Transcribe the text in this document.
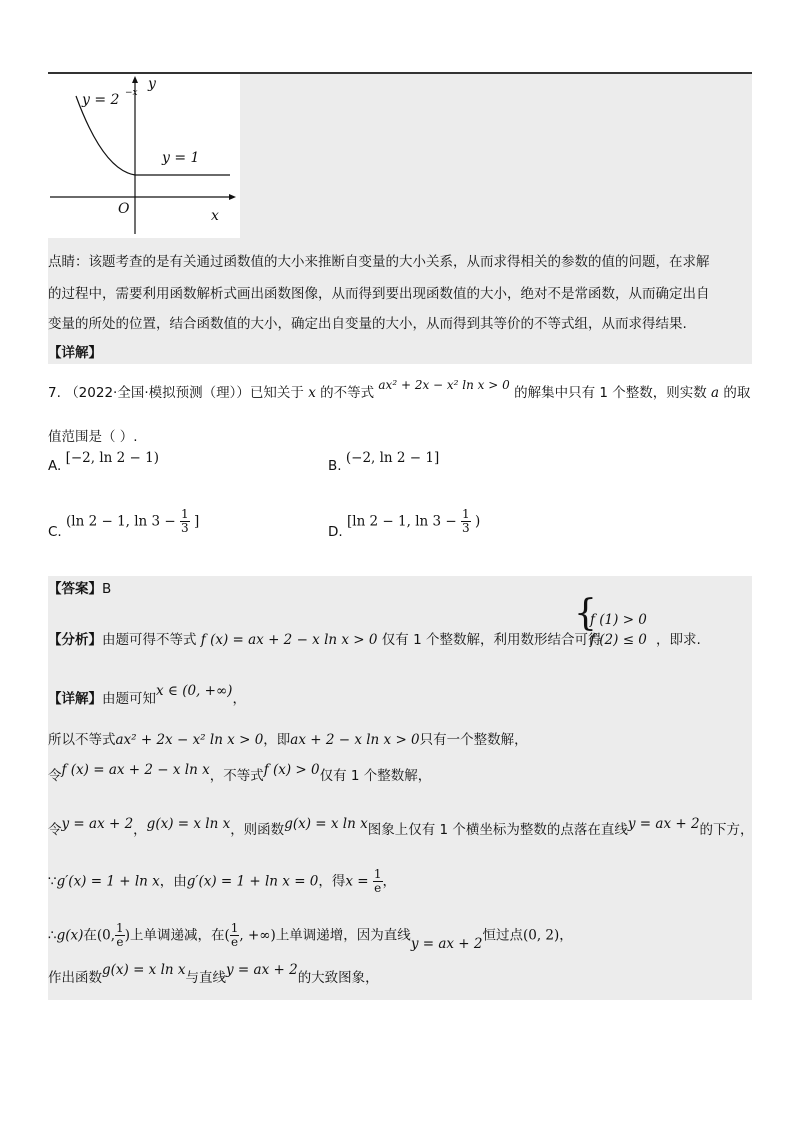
y = 2 −x
y
y = 1
O	x
点睛：该题考查的是有关通过函数值的大小来推断自变量的大小关系，从而求得相关的参数的值的问题，在求解
的过程中，需要利用函数解析式画出函数图像，从而得到要出现函数值的大小，绝对不是常函数，从而确定出自
变量的所处的位置，结合函数值的大小，确定出自变量的大小，从而得到其等价的不等式组，从而求得结果.
【详解】
7. （2022·全国·模拟预测（理））已知关于 x 的不等式 ax² + 2x − x² ln x > 0 的解集中只有 1 个整数，则实数 a 的取
值范围是（ ）.
A. [−2, ln 2 − 1)	B. (−2, ln 2 − 1]
C. (ln 2 − 1, $\ln 3 - \frac{1}{3}$ ]
D. [ln 2 − 1, $\ln 3 - \frac{1}{3}$ )
【答案】B
【分析】由题可得不等式 f (x) = ax + 2 − x ln x > 0 仅有 1 个整数解，利用数形结合可得
{
f (1) > 0
f (2) ≤ 0 ，即求.
【详解】由题可知x ∈ (0, +∞)，
所以不等式ax² + 2x − x² ln x > 0，即ax + 2 − x ln x > 0只有一个整数解，
令f (x) = ax + 2 − x ln x，不等式f (x) > 0仅有 1 个整数解，
令y = ax + 2，g(x) = x ln x，则函数g(x) = x ln x图象上仅有 1 个横坐标为整数的点落在直线y = ax + 2的下方，
∵g′(x) = 1 + ln x，由g′(x) = 1 + ln x = 0，得$x = \frac{1}{e}$ ，
∴g(x)在(0, $\frac{1}{e}$ )上单调递减，在( $\frac{1}{e}$ , +∞)上单调递增，因为直线y = ax + 2恒过点(0, 2)，
作出函数g(x) = x ln x与直线y = ax + 2的大致图象，
